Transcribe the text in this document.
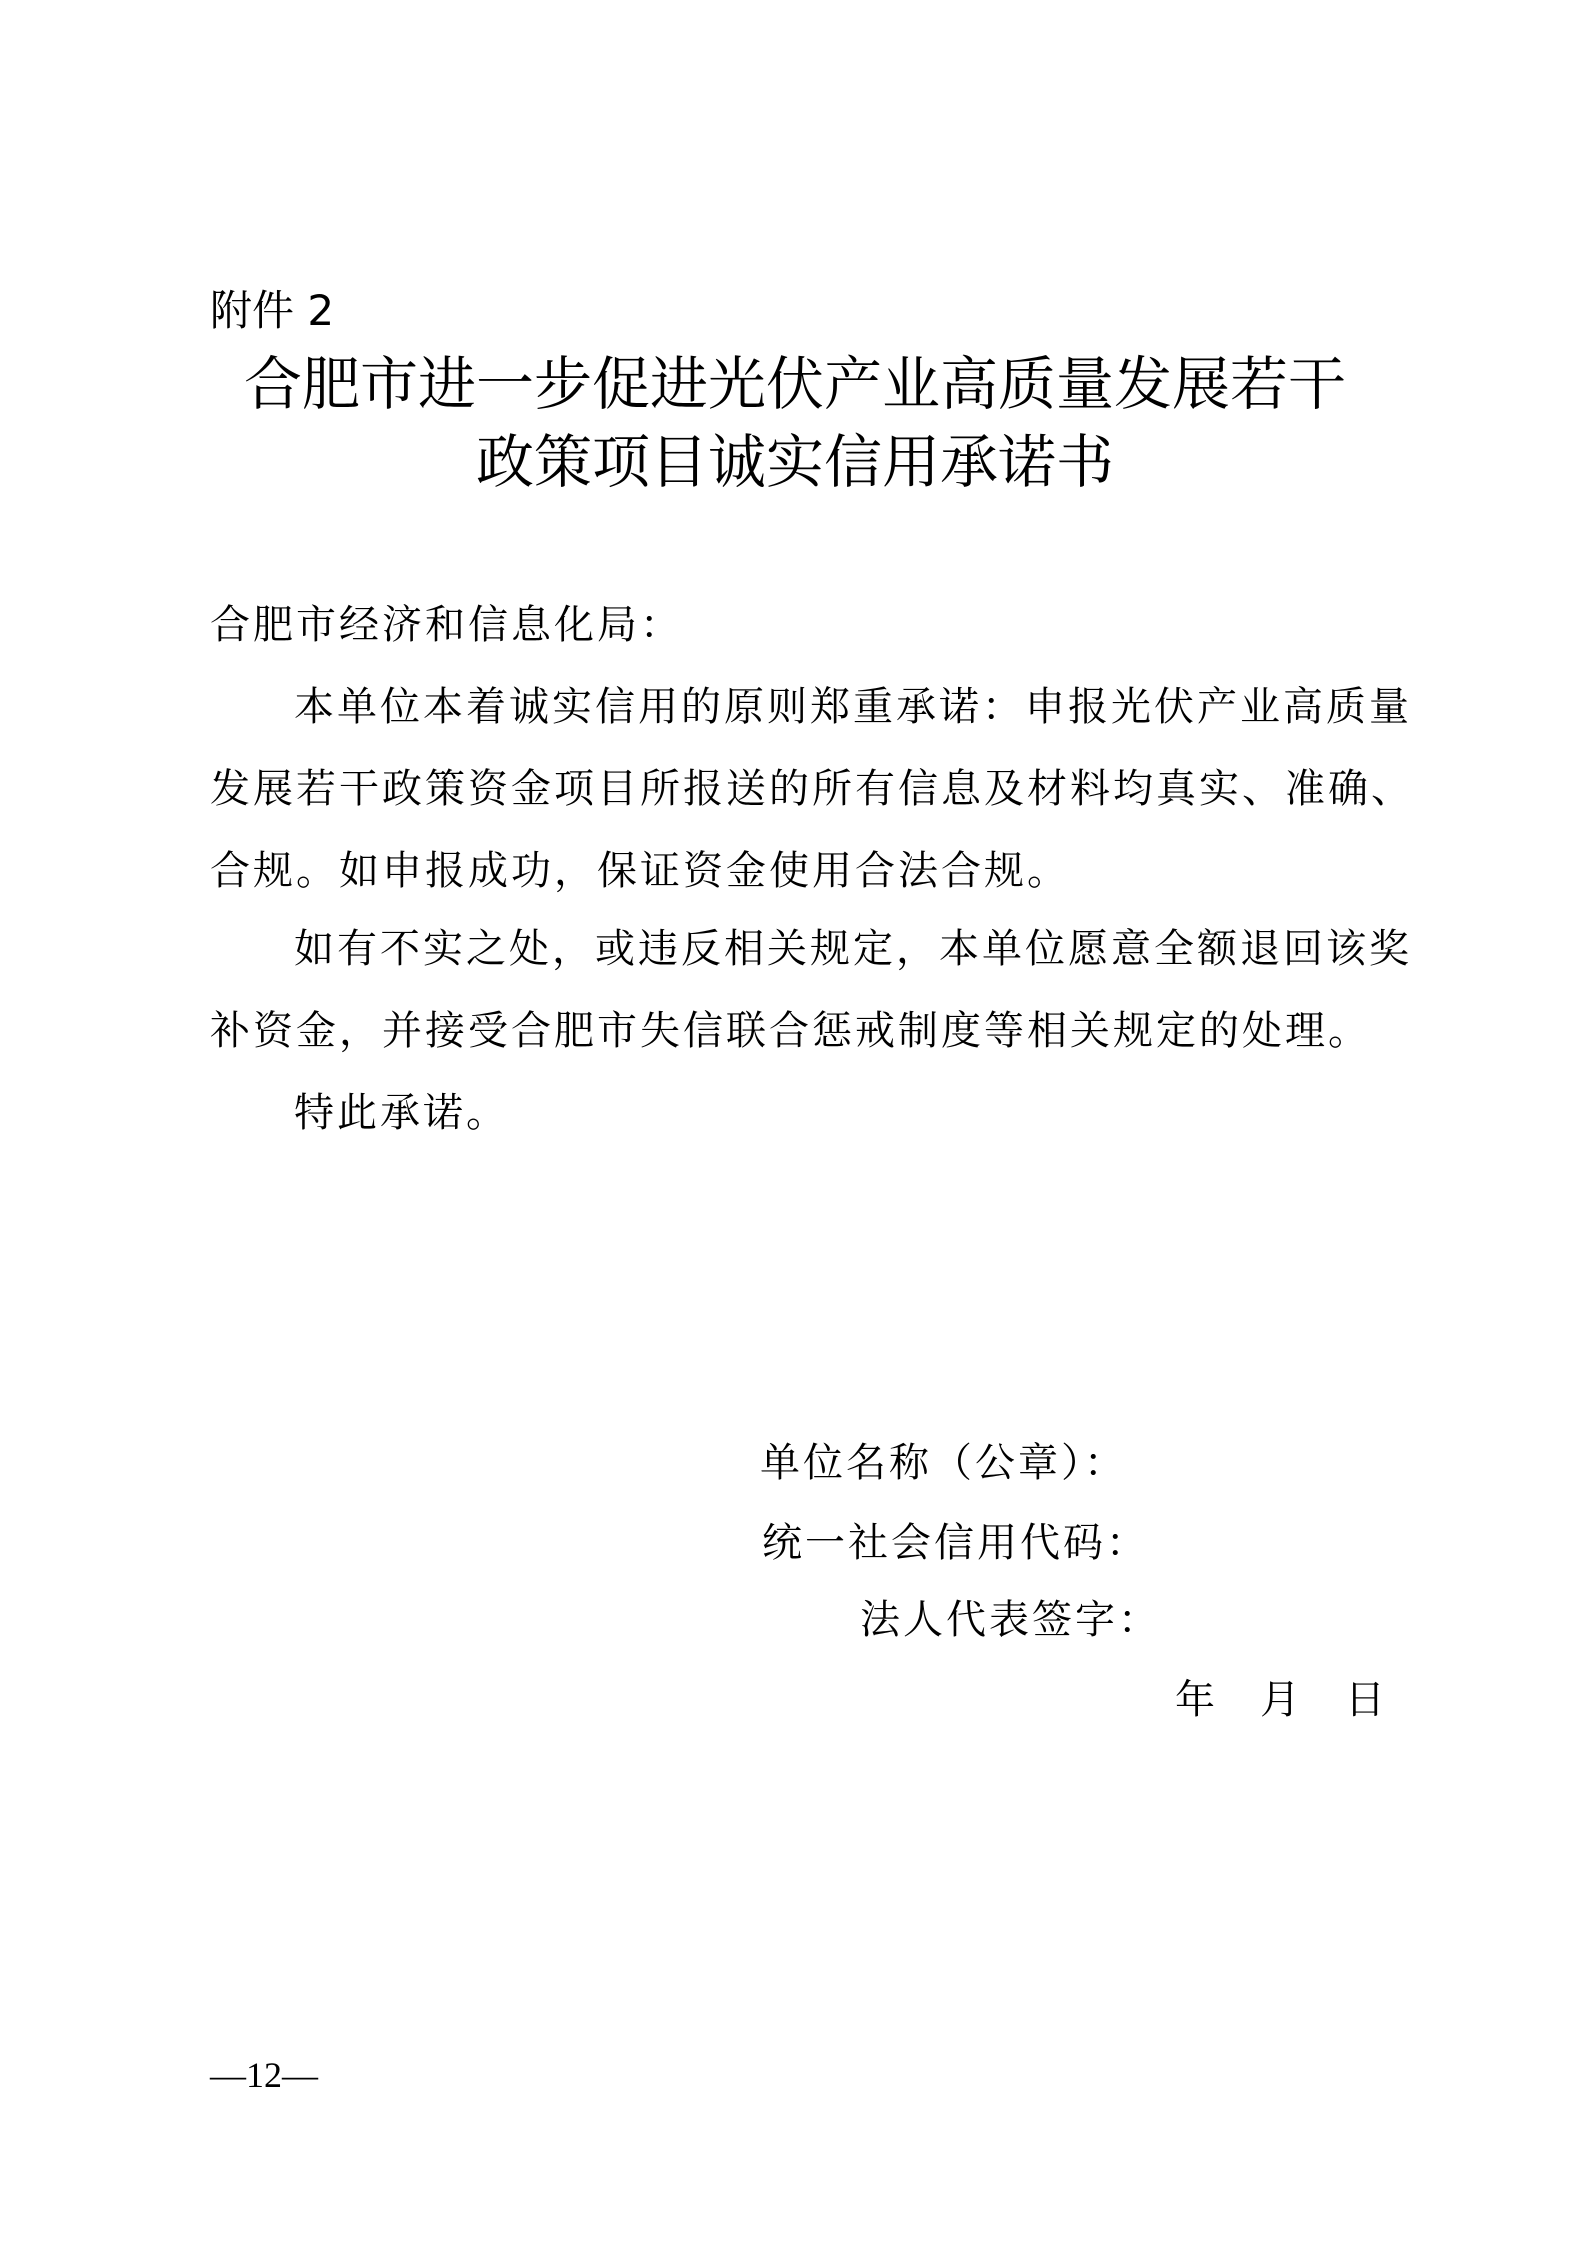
附件 2
合肥市进一步促进光伏产业高质量发展若干
政策项目诚实信用承诺书
合肥市经济和信息化局：
本单位本着诚实信用的原则郑重承诺：申报光伏产业高质量
发展若干政策资金项目所报送的所有信息及材料均真实、准确、
合规。如申报成功，保证资金使用合法合规。
如有不实之处，或违反相关规定，本单位愿意全额退回该奖
补资金，并接受合肥市失信联合惩戒制度等相关规定的处理。
特此承诺。
单位名称（公章）：
统一社会信用代码：
法人代表签字：
年 月 日
—12—
